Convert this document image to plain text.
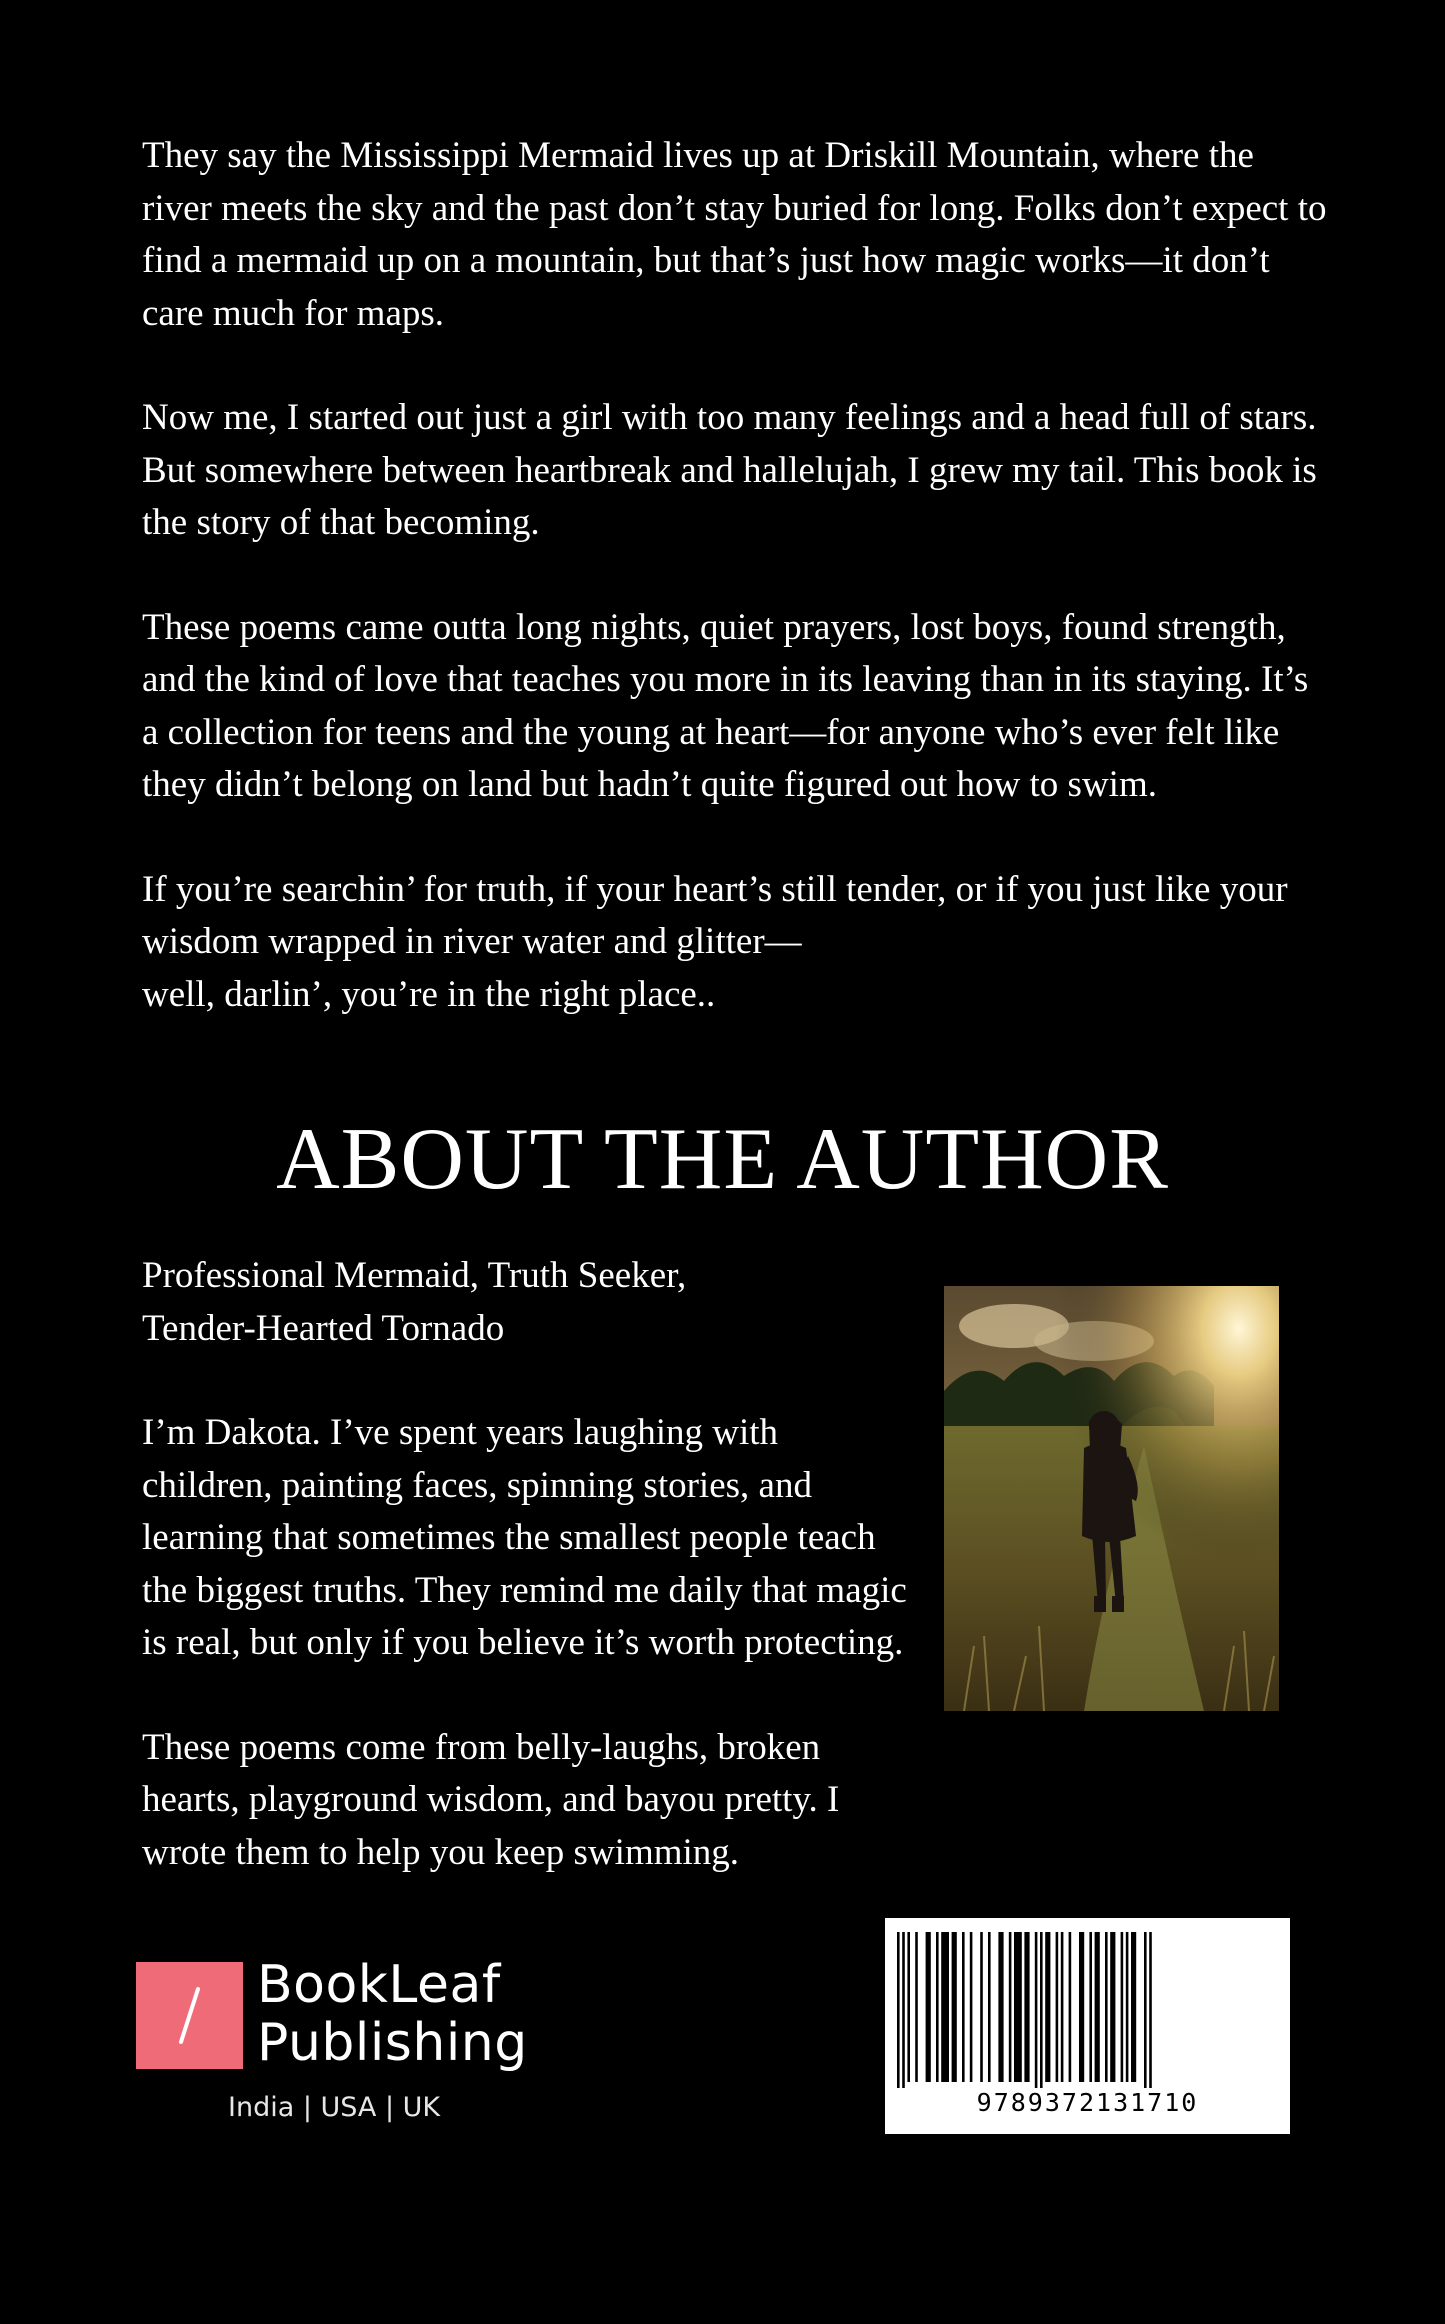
They say the Mississippi Mermaid lives up at Driskill Mountain, where the river meets the sky and the past don’t stay buried for long. Folks don’t expect to find a mermaid up on a mountain, but that’s just how magic works—it don’t care much for maps.

Now me, I started out just a girl with too many feelings and a head full of stars. But somewhere between heartbreak and hallelujah, I grew my tail. This book is the story of that becoming.

These poems came outta long nights, quiet prayers, lost boys, found strength, and the kind of love that teaches you more in its leaving than in its staying. It’s a collection for teens and the young at heart—for anyone who’s ever felt like they didn’t belong on land but hadn’t quite figured out how to swim.

If you’re searchin’ for truth, if your heart’s still tender, or if you just like your wisdom wrapped in river water and glitter—
well, darlin’, you’re in the right place..

ABOUT THE AUTHOR

Professional Mermaid, Truth Seeker,
Tender-Hearted Tornado

I’m Dakota. I’ve spent years laughing with children, painting faces, spinning stories, and learning that sometimes the smallest people teach the biggest truths. They remind me daily that magic is real, but only if you believe it’s worth protecting.

These poems come from belly-laughs, broken hearts, playground wisdom, and bayou pretty. I wrote them to help you keep swimming.

BookLeaf
Publishing
India | USA | UK	9789372131710
